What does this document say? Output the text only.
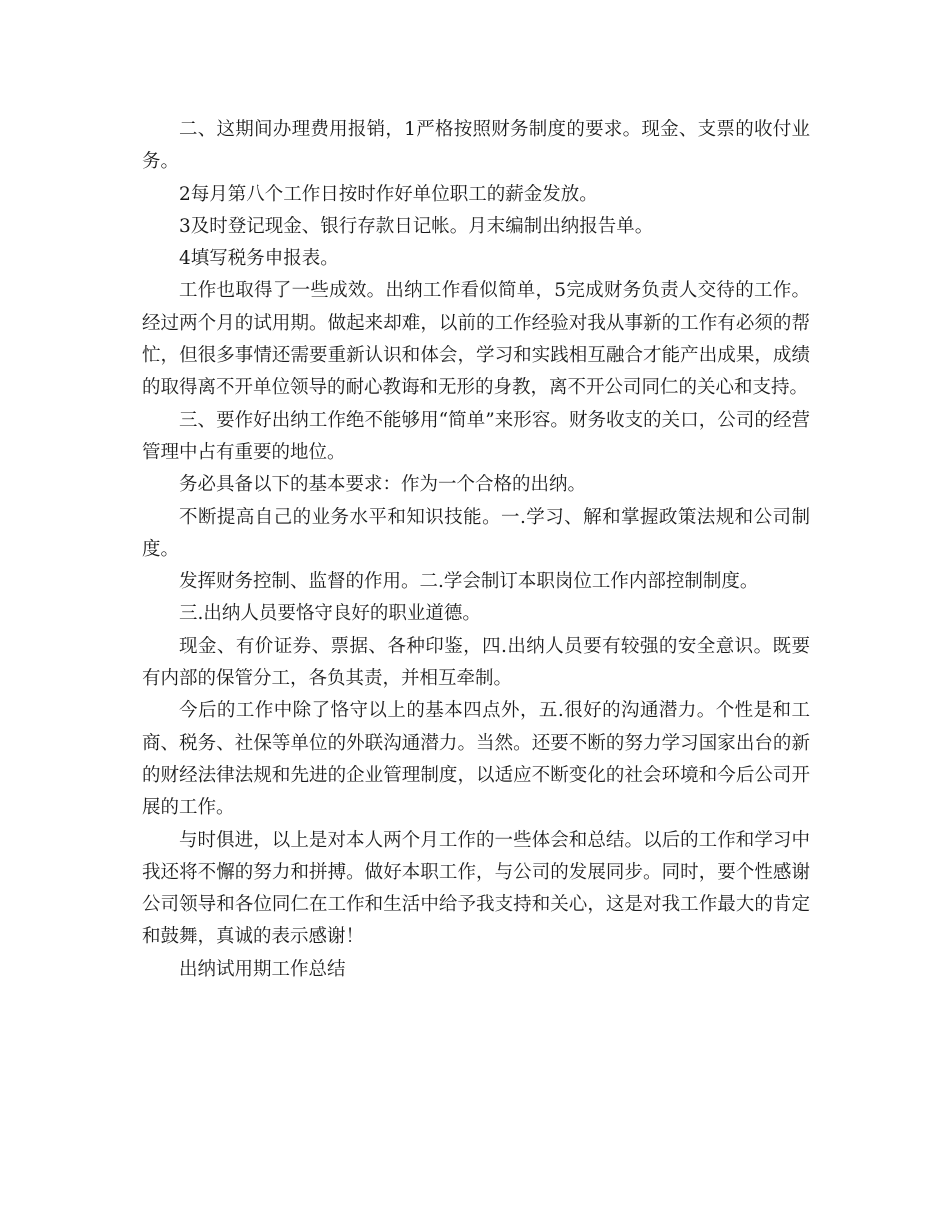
二、这期间办理费用报销，1严格按照财务制度的要求。现金、支票的收付业务。

2每月第八个工作日按时作好单位职工的薪金发放。

3及时登记现金、银行存款日记帐。月末编制出纳报告单。

4填写税务申报表。

工作也取得了一些成效。出纳工作看似简单，5完成财务负责人交待的工作。经过两个月的试用期。做起来却难，以前的工作经验对我从事新的工作有必须的帮忙，但很多事情还需要重新认识和体会，学习和实践相互融合才能产出成果，成绩的取得离不开单位领导的耐心教诲和无形的身教，离不开公司同仁的关心和支持。

三、要作好出纳工作绝不能够用“简单”来形容。财务收支的关口，公司的经营管理中占有重要的地位。

务必具备以下的基本要求：作为一个合格的出纳。

不断提高自己的业务水平和知识技能。一.学习、解和掌握政策法规和公司制度。

发挥财务控制、监督的作用。二.学会制订本职岗位工作内部控制制度。

三.出纳人员要恪守良好的职业道德。

现金、有价证券、票据、各种印鉴，四.出纳人员要有较强的安全意识。既要有内部的保管分工，各负其责，并相互牵制。

今后的工作中除了恪守以上的基本四点外，五.很好的沟通潜力。个性是和工商、税务、社保等单位的外联沟通潜力。当然。还要不断的努力学习国家出台的新的财经法律法规和先进的企业管理制度，以适应不断变化的社会环境和今后公司开展的工作。

与时俱进，以上是对本人两个月工作的一些体会和总结。以后的工作和学习中我还将不懈的努力和拼搏。做好本职工作，与公司的发展同步。同时，要个性感谢公司领导和各位同仁在工作和生活中给予我支持和关心，这是对我工作最大的肯定和鼓舞，真诚的表示感谢！

出纳试用期工作总结
